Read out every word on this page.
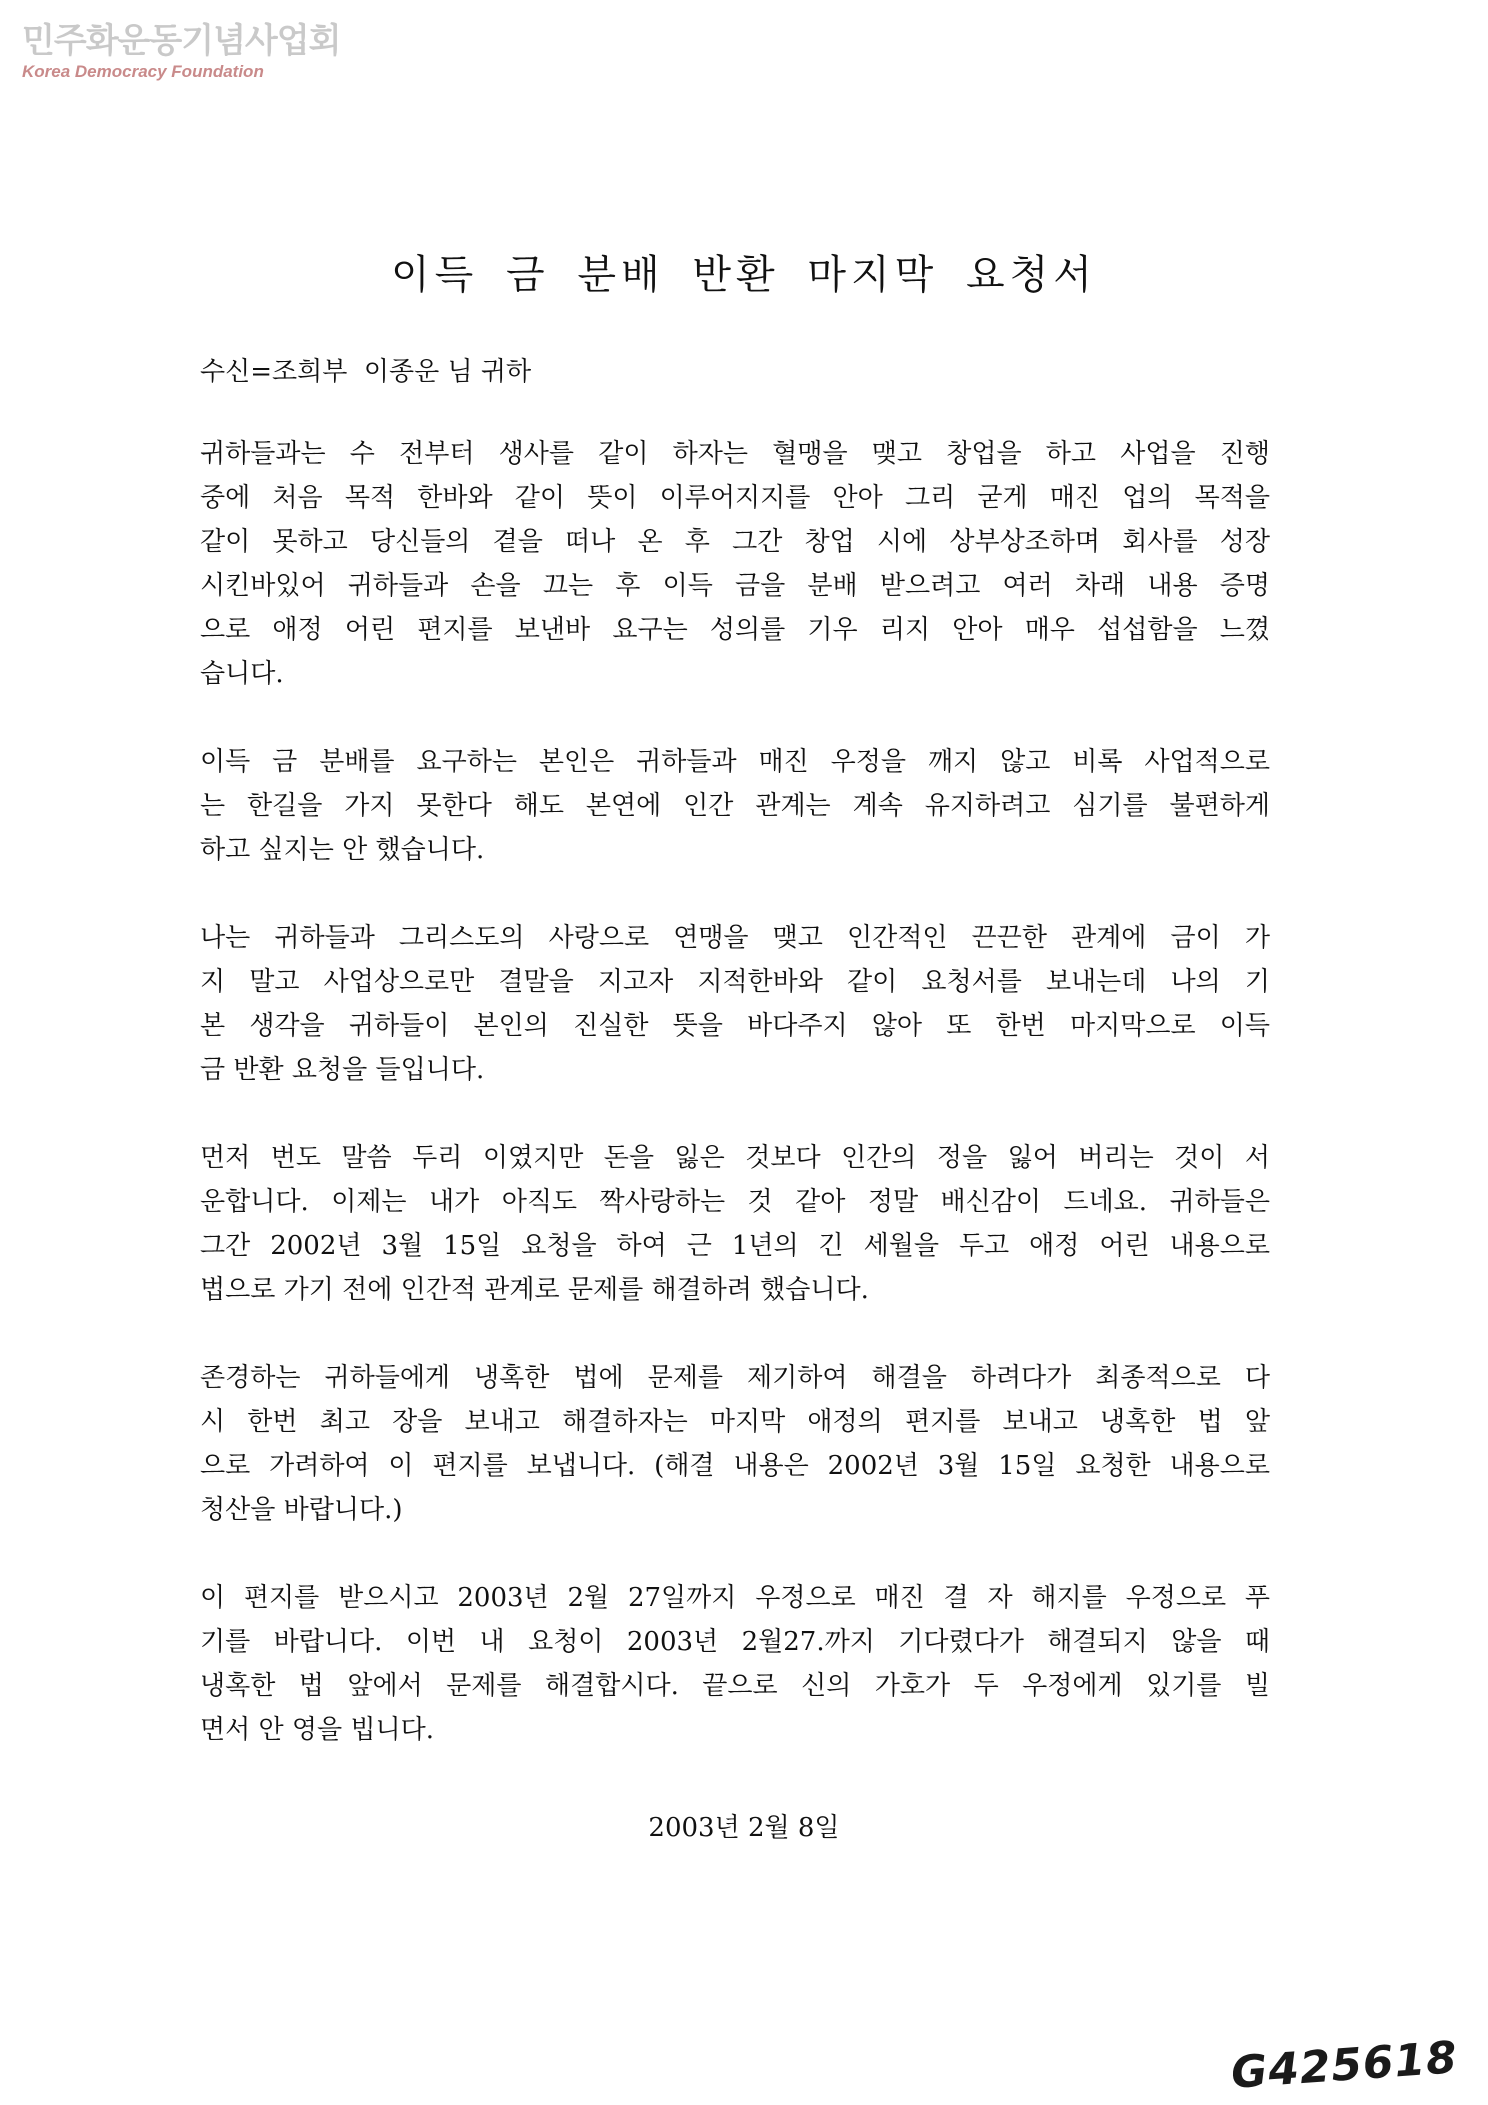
민주화운동기념사업회
Korea Democracy Foundation
이득 금 분배 반환 마지막 요청서
수신=조희부  이종운 님 귀하
귀하들과는 수 전부터 생사를 같이 하자는 혈맹을 맺고 창업을 하고 사업을 진행
중에 처음 목적 한바와 같이 뜻이 이루어지지를 안아 그리 굳게 매진 업의 목적을
같이 못하고 당신들의 곁을 떠나 온 후 그간 창업 시에 상부상조하며 회사를 성장
시킨바있어 귀하들과 손을 끄는 후 이득 금을 분배 받으려고 여러 차래 내용 증명
으로 애정 어린 편지를 보낸바 요구는 성의를 기우 리지 안아 매우 섭섭함을 느꼈
습니다.
이득 금 분배를 요구하는 본인은 귀하들과 매진 우정을 깨지 않고 비록 사업적으로
는 한길을 가지 못한다 해도 본연에 인간 관계는 계속 유지하려고 심기를 불편하게
하고 싶지는 안 했습니다.
나는 귀하들과 그리스도의 사랑으로 연맹을 맺고 인간적인 끈끈한 관계에 금이 가
지 말고 사업상으로만 결말을 지고자 지적한바와 같이 요청서를 보내는데 나의 기
본 생각을 귀하들이 본인의 진실한 뜻을 바다주지 않아 또 한번 마지막으로 이득
금 반환 요청을 들입니다.
먼저 번도 말씀 두리 이였지만 돈을 잃은 것보다 인간의 정을 잃어 버리는 것이 서
운합니다. 이제는 내가 아직도 짝사랑하는 것 같아 정말 배신감이 드네요. 귀하들은
그간 2002년 3월 15일 요청을 하여 근 1년의 긴 세월을 두고 애정 어린 내용으로
법으로 가기 전에 인간적 관계로 문제를 해결하려 했습니다.
존경하는 귀하들에게 냉혹한 법에 문제를 제기하여 해결을 하려다가 최종적으로 다
시 한번 최고 장을 보내고 해결하자는 마지막 애정의 편지를 보내고 냉혹한 법 앞
으로 가려하여 이 편지를 보냅니다. (해결 내용은 2002년 3월 15일 요청한 내용으로
청산을 바랍니다.)
이 편지를 받으시고 2003년 2월 27일까지 우정으로 매진 결 자 해지를 우정으로 푸
기를 바랍니다. 이번 내 요청이 2003년 2월27.까지 기다렸다가 해결되지 않을 때
냉혹한 법 앞에서 문제를 해결합시다. 끝으로 신의 가호가 두 우정에게 있기를 빌
면서 안 영을 빕니다.
2003년 2월 8일
G425618
